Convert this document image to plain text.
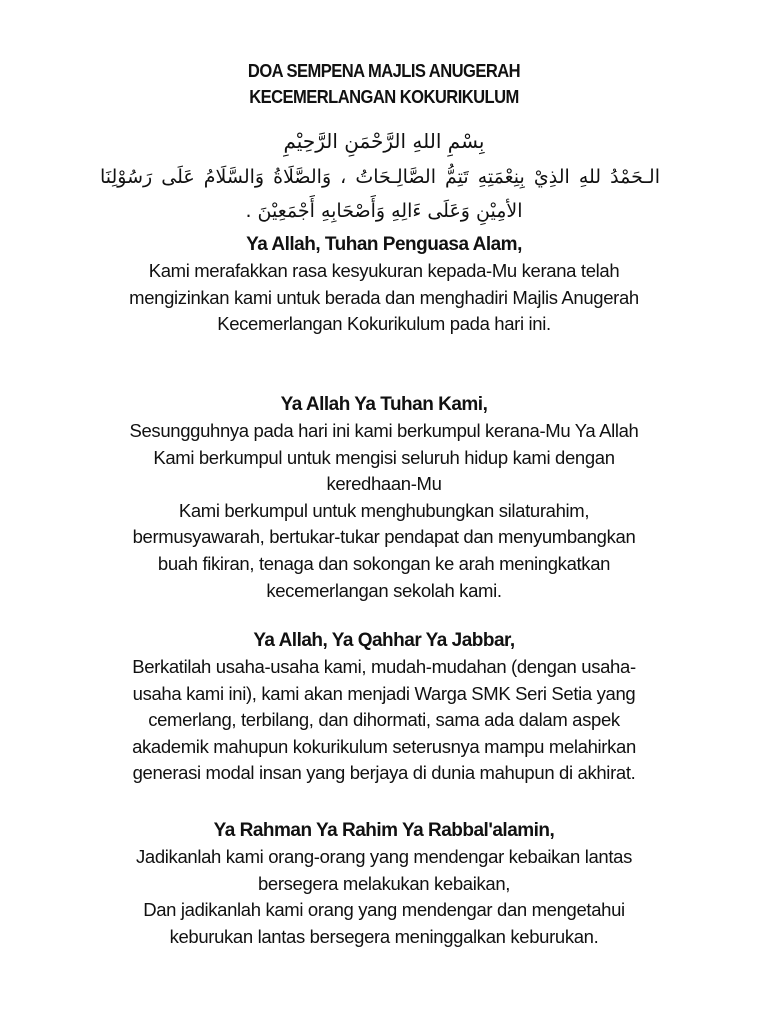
DOA SEMPENA MAJLIS ANUGERAH
KECEMERLANGAN KOKURIKULUM
بِسْمِ اللهِ الرَّحْمَنِ الرَّحِيْمِ
الـحَمْدُ للهِ الذِيْ بِنِعْمَتِهِ تَتِمُّ الصَّالِـحَاتُ ، وَالصَّلَاةُ وَالسَّلَامُ عَلَى رَسُوْلِنَا
الأمِيْنِ وَعَلَى ءَالِهِ وَأَصْحَابِهِ أَجْمَعِيْنَ .
Ya Allah, Tuhan Penguasa Alam,
Kami merafakkan rasa kesyukuran kepada-Mu kerana telah
mengizinkan kami untuk berada dan menghadiri Majlis Anugerah
Kecemerlangan Kokurikulum pada hari ini.
Ya Allah Ya Tuhan Kami,
Sesungguhnya pada hari ini kami berkumpul kerana-Mu Ya Allah
Kami berkumpul untuk mengisi seluruh hidup kami dengan
keredhaan-Mu
Kami berkumpul untuk menghubungkan silaturahim,
bermusyawarah, bertukar-tukar pendapat dan menyumbangkan
buah fikiran, tenaga dan sokongan ke arah meningkatkan
kecemerlangan sekolah kami.
Ya Allah, Ya Qahhar Ya Jabbar,
Berkatilah usaha-usaha kami, mudah-mudahan (dengan usaha-
usaha kami ini), kami akan menjadi Warga SMK Seri Setia yang
cemerlang, terbilang, dan dihormati, sama ada dalam aspek
akademik mahupun kokurikulum seterusnya mampu melahirkan
generasi modal insan yang berjaya di dunia mahupun di akhirat.
Ya Rahman Ya Rahim Ya Rabbal'alamin,
Jadikanlah kami orang-orang yang mendengar kebaikan lantas
bersegera melakukan kebaikan,
Dan jadikanlah kami orang yang mendengar dan mengetahui
keburukan lantas bersegera meninggalkan keburukan.
